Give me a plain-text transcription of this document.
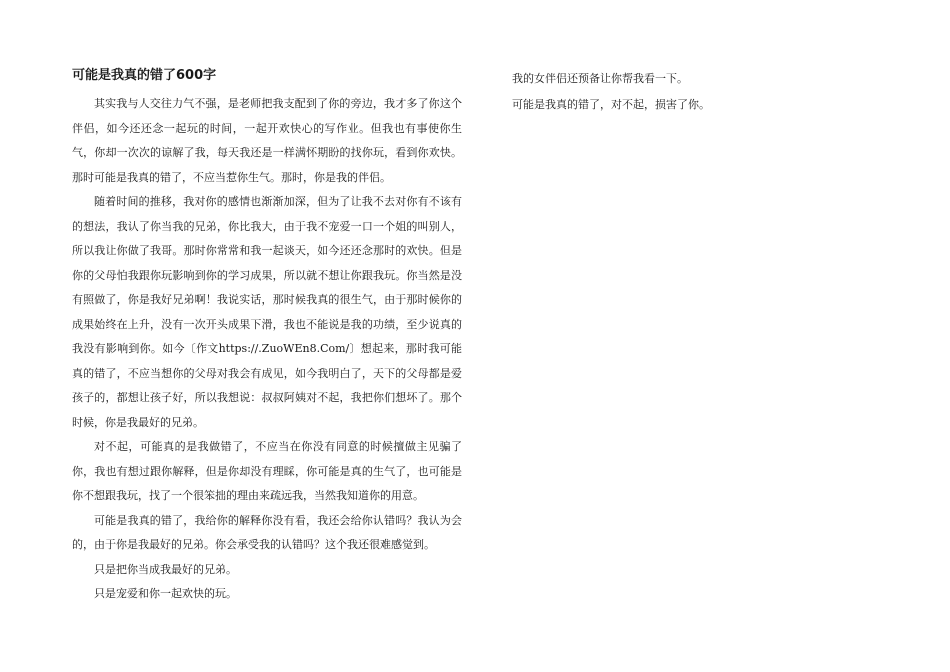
可能是我真的错了600字

其实我与人交往力气不强，是老师把我支配到了你的旁边，我才多了你这个伴侣，如今还还念一起玩的时间，一起开欢快心的写作业。但我也有事使你生气，你却一次次的谅解了我，每天我还是一样满怀期盼的找你玩，看到你欢快。那时可能是我真的错了，不应当惹你生气。那时，你是我的伴侣。

随着时间的推移，我对你的感情也渐渐加深，但为了让我不去对你有不该有的想法，我认了你当我的兄弟，你比我大，由于我不宠爱一口一个姐的叫别人，所以我让你做了我哥。那时你常常和我一起谈天，如今还还念那时的欢快。但是你的父母怕我跟你玩影响到你的学习成果，所以就不想让你跟我玩。你当然是没有照做了，你是我好兄弟啊！我说实话，那时候我真的很生气，由于那时候你的成果始终在上升，没有一次开头成果下滑，我也不能说是我的功绩，至少说真的我没有影响到你。如今〔作文https://.ZuoWEn8.Com/〕想起来，那时我可能真的错了，不应当想你的父母对我会有成见，如今我明白了，天下的父母都是爱孩子的，都想让孩子好，所以我想说：叔叔阿姨对不起，我把你们想坏了。那个时候，你是我最好的兄弟。

对不起，可能真的是我做错了，不应当在你没有同意的时候擅做主见骗了你，我也有想过跟你解释，但是你却没有理睬，你可能是真的生气了，也可能是你不想跟我玩，找了一个很笨拙的理由来疏远我，当然我知道你的用意。

可能是我真的错了，我给你的解释你没有看，我还会给你认错吗？我认为会的，由于你是我最好的兄弟。你会承受我的认错吗？这个我还很难感觉到。

只是把你当成我最好的兄弟。

只是宠爱和你一起欢快的玩。

我的女伴侣还预备让你帮我看一下。

可能是我真的错了，对不起，损害了你。
